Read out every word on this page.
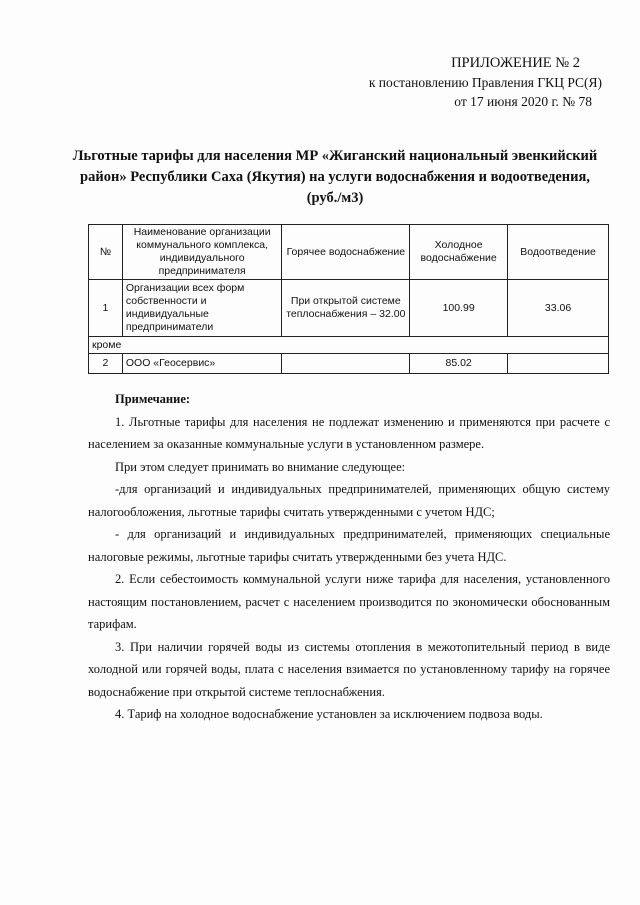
ПРИЛОЖЕНИЕ № 2
к постановлению Правления ГКЦ РС(Я)
от 17 июня 2020 г. № 78
Льготные тарифы для населения МР «Жиганский национальный эвенкийский район» Республики Саха (Якутия) на услуги водоснабжения и водоотведения, (руб./м3)
№	Наименование организации коммунального комплекса, индивидуального предпринимателя	Горячее водоснабжение	Холодное водоснабжение	Водоотведение
1	Организации всех форм собственности и индивидуальные предприниматели	При открытой системе теплоснабжения – 32.00	100.99	33.06
кроме				
2	ООО «Геосервис»		85.02	

Примечание:

1. Льготные тарифы для населения не подлежат изменению и применяются при расчете с населением за оказанные коммунальные услуги в установленном размере.

При этом следует принимать во внимание следующее:

-для организаций и индивидуальных предпринимателей, применяющих общую систему налогообложения, льготные тарифы считать утвержденными с учетом НДС;

- для организаций и индивидуальных предпринимателей, применяющих специальные налоговые режимы, льготные тарифы считать утвержденными без учета НДС.

2. Если себестоимость коммунальной услуги ниже тарифа для населения, установленного настоящим постановлением, расчет с населением производится по экономически обоснованным тарифам.

3. При наличии горячей воды из системы отопления в межотопительный период в виде холодной или горячей воды, плата с населения взимается по установленному тарифу на горячее водоснабжение при открытой системе теплоснабжения.

4. Тариф на холодное водоснабжение установлен за исключением подвоза воды.
